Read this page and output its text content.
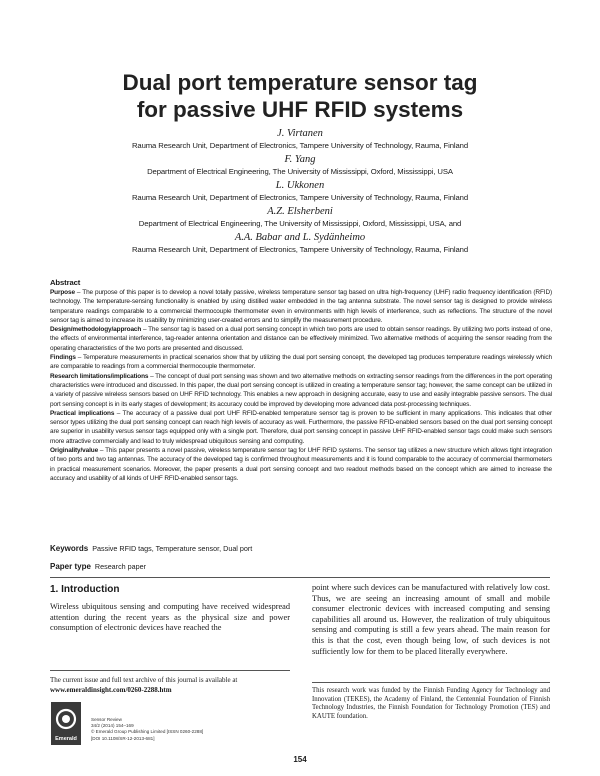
Dual port temperature sensor tag
for passive UHF RFID systems
J. Virtanen
Rauma Research Unit, Department of Electronics, Tampere University of Technology, Rauma, Finland
F. Yang
Department of Electrical Engineering, The University of Mississippi, Oxford, Mississippi, USA
L. Ukkonen
Rauma Research Unit, Department of Electronics, Tampere University of Technology, Rauma, Finland
A.Z. Elsherbeni
Department of Electrical Engineering, The University of Mississippi, Oxford, Mississippi, USA, and
A.A. Babar and L. Sydänheimo
Rauma Research Unit, Department of Electronics, Tampere University of Technology, Rauma, Finland
Abstract

Purpose – The purpose of this paper is to develop a novel totally passive, wireless temperature sensor tag based on ultra high-frequency (UHF) radio frequency identification (RFID) technology. The temperature-sensing functionality is enabled by using distilled water embedded in the tag antenna substrate. The novel sensor tag is designed to provide wireless temperature readings comparable to a commercial thermocouple thermometer even in environments with high levels of interference, such as reflections. The structure of the novel sensor tag is aimed to increase its usability by minimizing user-created errors and to simplify the measurement procedure.

Design/methodology/approach – The sensor tag is based on a dual port sensing concept in which two ports are used to obtain sensor readings. By utilizing two ports instead of one, the effects of environmental interference, tag-reader antenna orientation and distance can be effectively minimized. Two alternative methods of acquiring the sensor reading from the operating characteristics of the two ports are presented and discussed.

Findings – Temperature measurements in practical scenarios show that by utilizing the dual port sensing concept, the developed tag produces temperature readings wirelessly which are comparable to readings from a commercial thermocouple thermometer.

Research limitations/implications – The concept of dual port sensing was shown and two alternative methods on extracting sensor readings from the differences in the port operating characteristics were introduced and discussed. In this paper, the dual port sensing concept is utilized in creating a temperature sensor tag; however, the same concept can be utilized in a variety of passive wireless sensors based on UHF RFID technology. This enables a new approach in designing accurate, easy to use and easily integrable passive sensors. The dual port sensing concept is in its early stages of development; its accuracy could be improved by developing more advanced data post-processing techniques.

Practical implications – The accuracy of a passive dual port UHF RFID-enabled temperature sensor tag is proven to be sufficient in many applications. This indicates that other sensor types utilizing the dual port sensing concept can reach high levels of accuracy as well. Furthermore, the passive RFID-enabled sensors based on the dual port sensing concept are superior in usability versus sensor tags equipped only with a single port. Therefore, dual port sensing concept in passive UHF RFID-enabled sensor tags could make such sensors more attractive commercially and lead to truly widespread ubiquitous sensing and computing.

Originality/value – This paper presents a novel passive, wireless temperature sensor tag for UHF RFID systems. The sensor tag utilizes a new structure which allows tight integration of two ports and two tag antennas. The accuracy of the developed tag is confirmed throughout measurements and it is found comparable to the accuracy of commercial thermometers in practical measurement scenarios. Moreover, the paper presents a dual port sensing concept and two readout methods based on the concept which are aimed to increase the accuracy and usability of all kinds of UHF RFID-enabled sensor tags.

Keywords Passive RFID tags, Temperature sensor, Dual port
Paper type Research paper
1. Introduction

Wireless ubiquitous sensing and computing have received widespread attention during the recent years as the physical size and power consumption of electronic devices have reached the

point where such devices can be manufactured with relatively low cost. Thus, we are seeing an increasing amount of small and mobile consumer electronic devices with increased computing and sensing capabilities all around us. However, the realization of truly ubiquitous sensing and computing is still a few years ahead. The main reason for this is that the cost, even though being low, of such devices is not sufficiently low for them to be placed literally everywhere.

The current issue and full text archive of this journal is available at
www.emeraldinsight.com/0260-2288.htm
Emerald
Sensor Review
34/2 (2014) 154–169
© Emerald Group Publishing Limited [ISSN 0260-2288]
[DOI 10.1108/SR-12-2013-681]
This research work was funded by the Finnish Funding Agency for Technology and Innovation (TEKES), the Academy of Finland, the Centennial Foundation of Finnish Technology Industries, the Finnish Foundation for Technology Promotion (TES) and KAUTE foundation.
154
